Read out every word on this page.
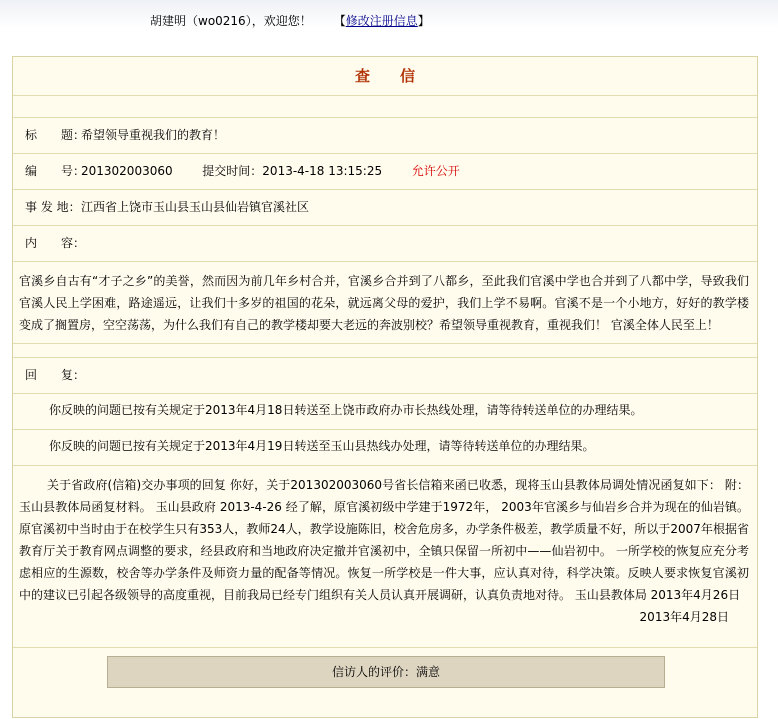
胡建明（wo0216），欢迎您！ 【修改注册信息】
查信
标　　题：希望领导重视我们的教育！
编　　号：201302003060 提交时间：2013-4-18 13:15:25 允许公开
事 发 地：江西省上饶市玉山县玉山县仙岩镇官溪社区
内　　容：
官溪乡自古有“才子之乡”的美誉，然而因为前几年乡村合并，官溪乡合并到了八都乡，至此我们官溪中学也合并到了八都中学，导致我们官溪人民上学困难，路途遥远，让我们十多岁的祖国的花朵，就远离父母的爱护，我们上学不易啊。官溪不是一个小地方，好好的教学楼变成了搁置房，空空荡荡，为什么我们有自己的教学楼却要大老远的奔波别校？希望领导重视教育，重视我们！ 官溪全体人民至上！
回　　复：
你反映的问题已按有关规定于2013年4月18日转送至上饶市政府办市长热线处理，请等待转送单位的办理结果。
你反映的问题已按有关规定于2013年4月19日转送至玉山县热线办处理，请等待转送单位的办理结果。
关于省政府(信箱)交办事项的回复 你好，关于201302003060号省长信箱来函已收悉，现将玉山县教体局调处情况函复如下： 附：玉山县教体局函复材料。 玉山县政府 2013-4-26 经了解，原官溪初级中学建于1972年， 2003年官溪乡与仙岩乡合并为现在的仙岩镇。原官溪初中当时由于在校学生只有353人，教师24人，教学设施陈旧，校舍危房多，办学条件极差，教学质量不好，所以于2007年根据省教育厅关于教育网点调整的要求，经县政府和当地政府决定撤并官溪初中，全镇只保留一所初中——仙岩初中。 一所学校的恢复应充分考虑相应的生源数，校舍等办学条件及师资力量的配备等情况。恢复一所学校是一件大事，应认真对待，科学决策。反映人要求恢复官溪初中的建议已引起各级领导的高度重视，目前我局已经专门组织有关人员认真开展调研，认真负责地对待。 玉山县教体局 2013年4月26日
2013年4月28日
信访人的评价：满意
